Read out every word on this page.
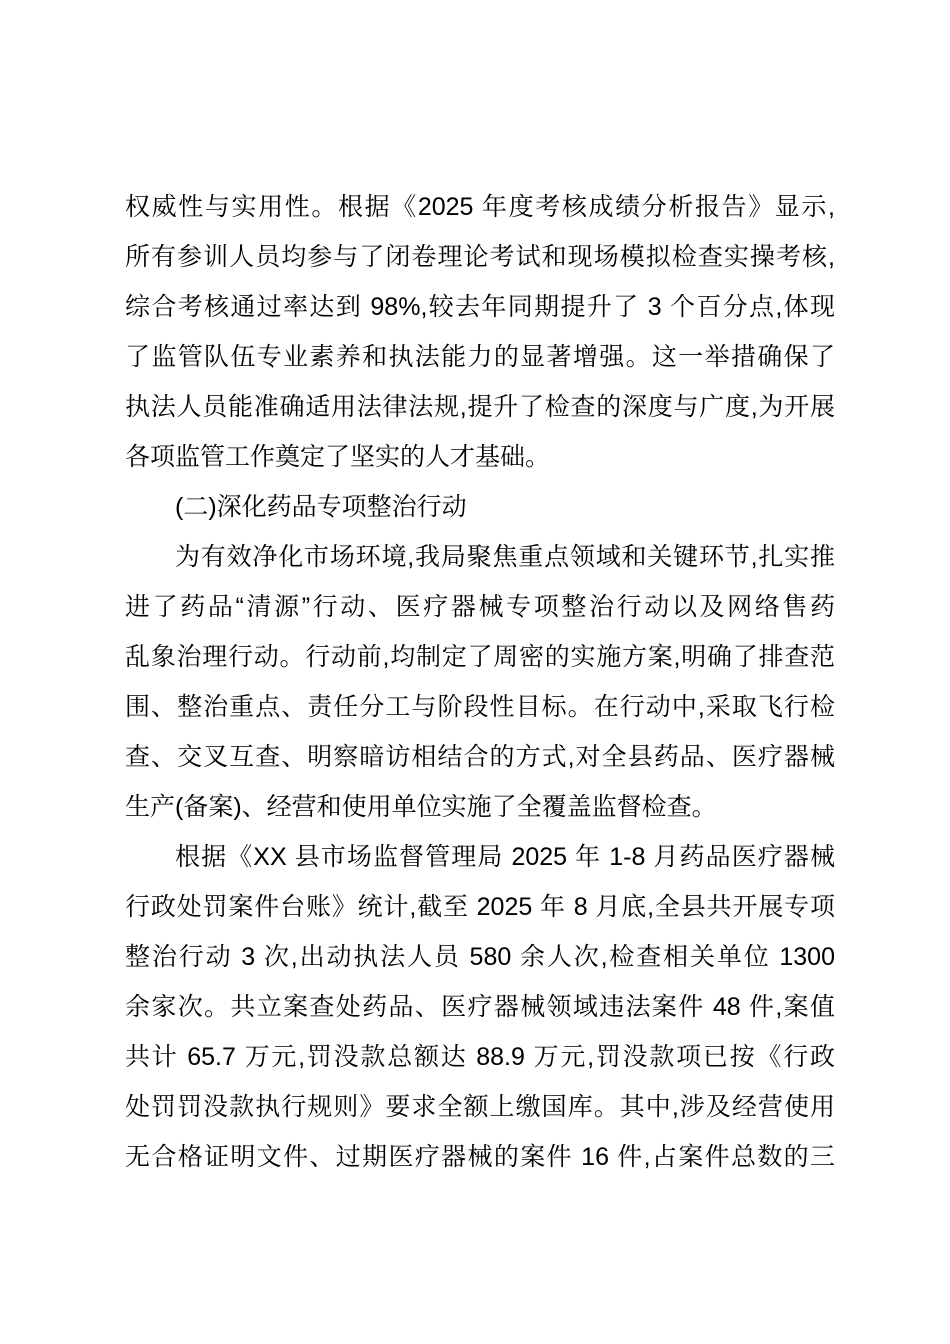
权威性与实用性。根据《2025 年度考核成绩分析报告》显示,
所有参训人员均参与了闭卷理论考试和现场模拟检查实操考核,
综合考核通过率达到 98%,较去年同期提升了 3 个百分点,体现
了监管队伍专业素养和执法能力的显著增强。这一举措确保了
执法人员能准确适用法律法规,提升了检查的深度与广度,为开展
各项监管工作奠定了坚实的人才基础。
(二)深化药品专项整治行动
为有效净化市场环境,我局聚焦重点领域和关键环节,扎实推
进了药品“清源”行动、医疗器械专项整治行动以及网络售药
乱象治理行动。行动前,均制定了周密的实施方案,明确了排查范
围、整治重点、责任分工与阶段性目标。在行动中,采取飞行检
查、交叉互查、明察暗访相结合的方式,对全县药品、医疗器械
生产(备案)、经营和使用单位实施了全覆盖监督检查。
根据《XX 县市场监督管理局 2025 年 1-8 月药品医疗器械
行政处罚案件台账》统计,截至 2025 年 8 月底,全县共开展专项
整治行动 3 次,出动执法人员 580 余人次,检查相关单位 1300
余家次。共立案查处药品、医疗器械领域违法案件 48 件,案值
共计 65.7 万元,罚没款总额达 88.9 万元,罚没款项已按《行政
处罚罚没款执行规则》要求全额上缴国库。其中,涉及经营使用
无合格证明文件、过期医疗器械的案件 16 件,占案件总数的三
